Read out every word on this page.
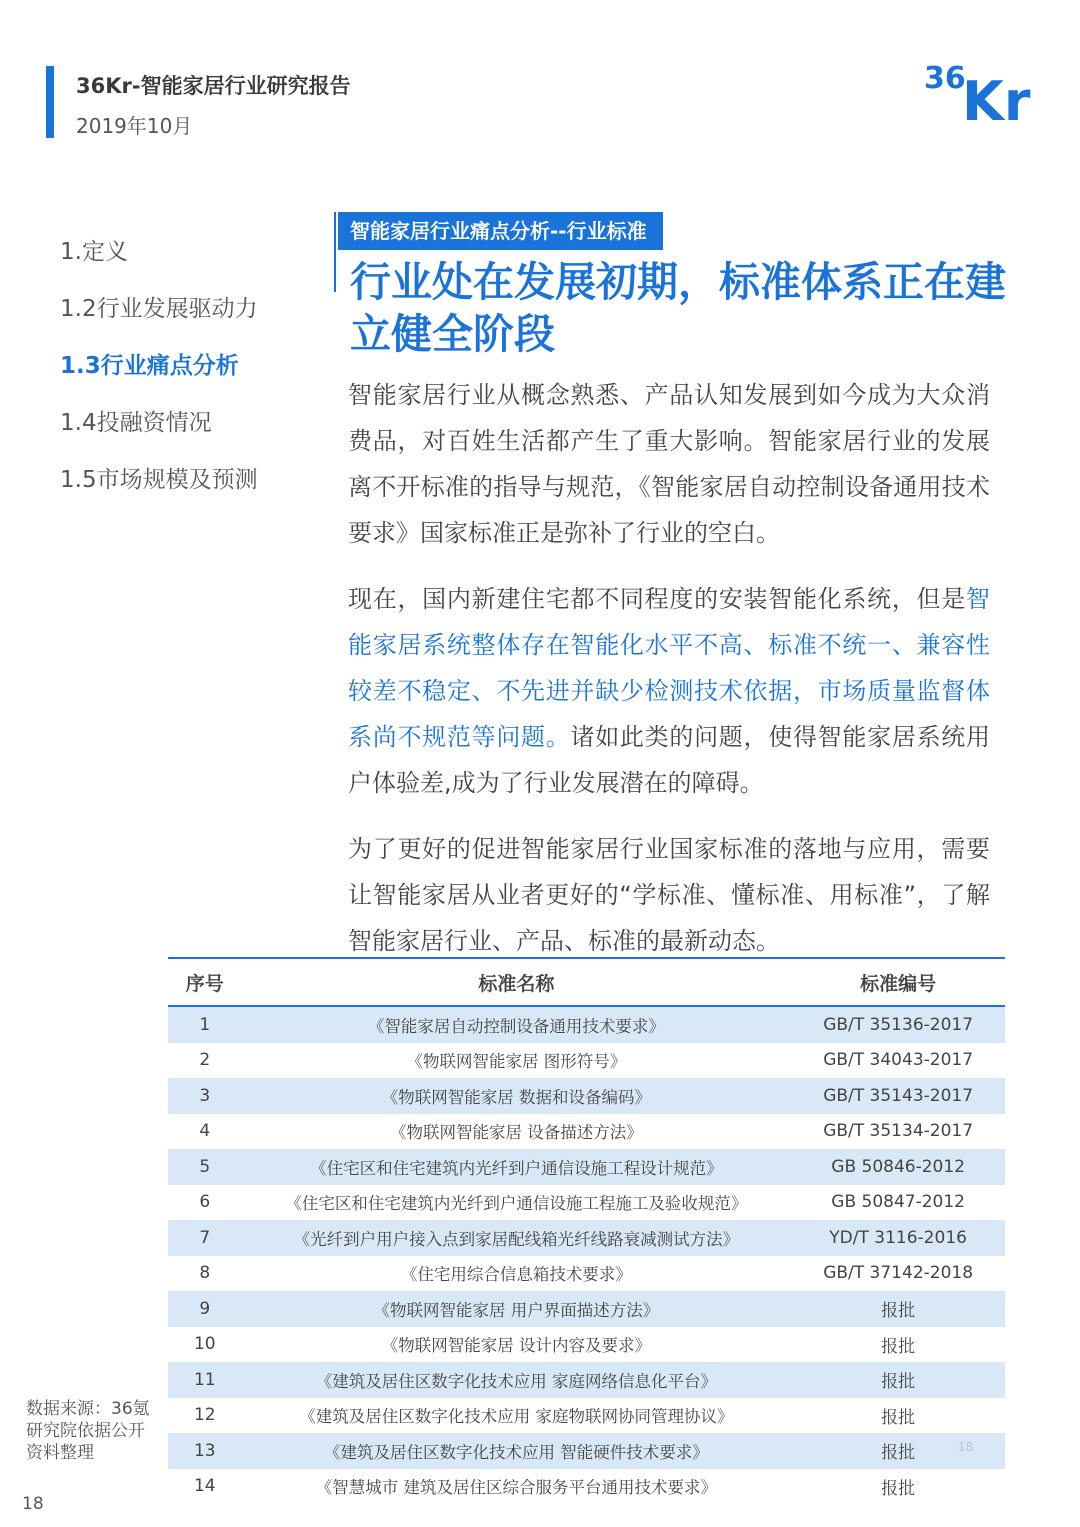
36Kr-智能家居行业研究报告
2019年10月
36
Kr
1.定义
1.2行业发展驱动力
1.3行业痛点分析
1.4投融资情况
1.5市场规模及预测
智能家居行业痛点分析--行业标准
行业处在发展初期，标准体系正在建立健全阶段
智能家居行业从概念熟悉、产品认知发展到如今成为大众消费品，对百姓生活都产生了重大影响。智能家居行业的发展离不开标准的指导与规范，《智能家居自动控制设备通用技术要求》国家标准正是弥补了行业的空白。
现在，国内新建住宅都不同程度的安装智能化系统，但是智能家居系统整体存在智能化水平不高、标准不统一、兼容性较差不稳定、不先进并缺少检测技术依据，市场质量监督体系尚不规范等问题。诸如此类的问题，使得智能家居系统用户体验差,成为了行业发展潜在的障碍。
为了更好的促进智能家居行业国家标准的落地与应用，需要让智能家居从业者更好的“学标准、懂标准、用标准”，了解智能家居行业、产品、标准的最新动态。
序号	标准名称	标准编号
1	《智能家居自动控制设备通用技术要求》	GB/T 35136-2017
2	《物联网智能家居 图形符号》	GB/T 34043-2017
3	《物联网智能家居 数据和设备编码》	GB/T 35143-2017
4	《物联网智能家居 设备描述方法》	GB/T 35134-2017
5	《住宅区和住宅建筑内光纤到户通信设施工程设计规范》	GB 50846-2012
6	《住宅区和住宅建筑内光纤到户通信设施工程施工及验收规范》	GB 50847-2012
7	《光纤到户用户接入点到家居配线箱光纤线路衰减测试方法》	YD/T 3116-2016
8	《住宅用综合信息箱技术要求》	GB/T 37142-2018
9	《物联网智能家居 用户界面描述方法》	报批
10	《物联网智能家居 设计内容及要求》	报批
11	《建筑及居住区数字化技术应用 家庭网络信息化平台》	报批
12	《建筑及居住区数字化技术应用 家庭物联网协同管理协议》	报批
13	《建筑及居住区数字化技术应用 智能硬件技术要求》	报批
14	《智慧城市 建筑及居住区综合服务平台通用技术要求》	报批
数据来源：36氪研究院依据公开资料整理
18
18
